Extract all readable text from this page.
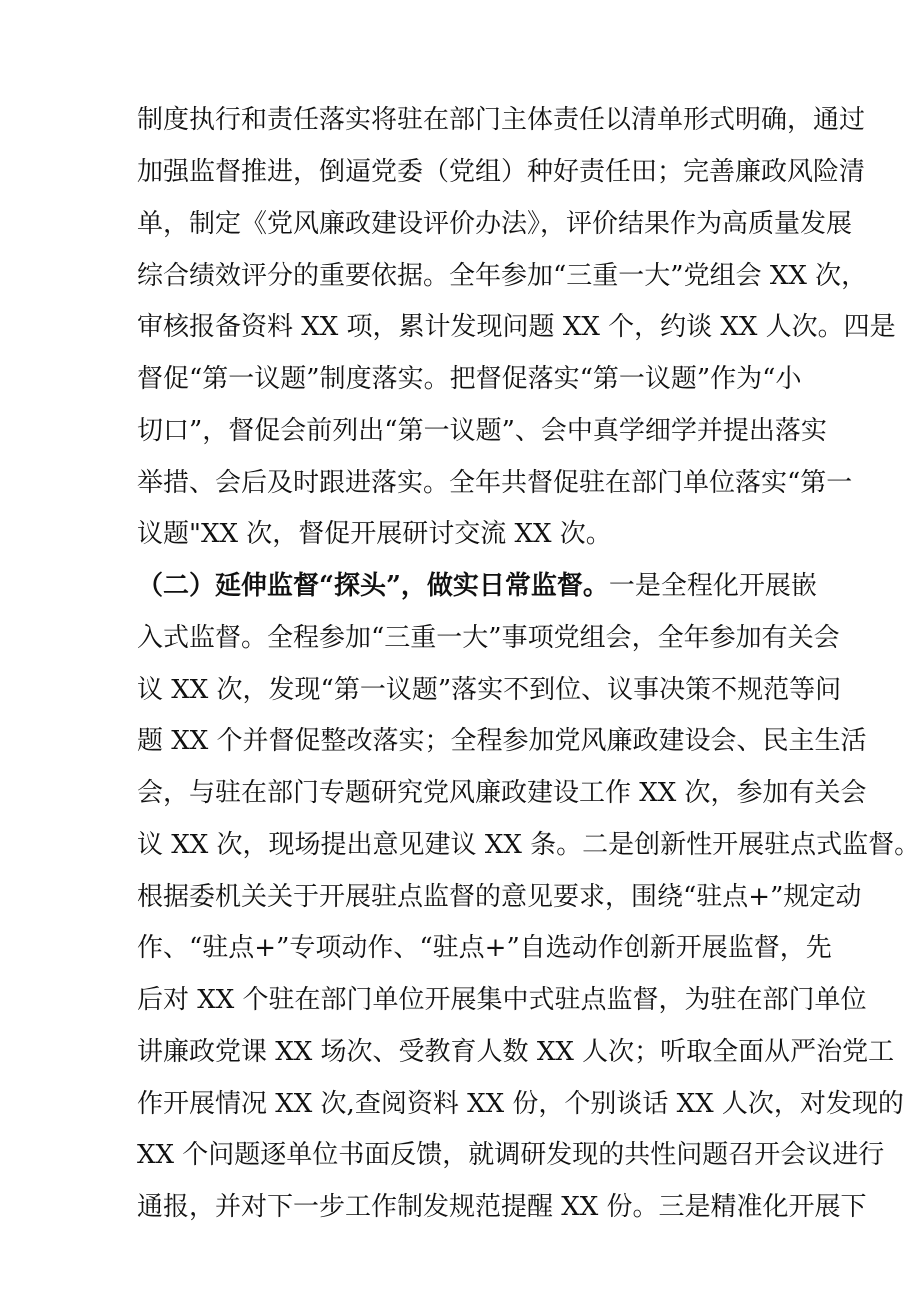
制度执行和责任落实将驻在部门主体责任以清单形式明确，通过
加强监督推进，倒逼党委（党组）种好责任田；完善廉政风险清
单，制定《党风廉政建设评价办法》，评价结果作为高质量发展
综合绩效评分的重要依据。全年参加“三重一大”党组会 XX 次，
审核报备资料 XX 项，累计发现问题 XX 个，约谈 XX 人次。四是
督促“第一议题”制度落实。把督促落实“第一议题”作为“小
切口”，督促会前列出“第一议题”、会中真学细学并提出落实
举措、会后及时跟进落实。全年共督促驻在部门单位落实“第一
议题"XX 次，督促开展研讨交流 XX 次。
（二）延伸监督“探头”，做实日常监督。一是全程化开展嵌
入式监督。全程参加“三重一大”事项党组会，全年参加有关会
议 XX 次，发现“第一议题”落实不到位、议事决策不规范等问
题 XX 个并督促整改落实；全程参加党风廉政建设会、民主生活
会，与驻在部门专题研究党风廉政建设工作 XX 次，参加有关会
议 XX 次，现场提出意见建议 XX 条。二是创新性开展驻点式监督。
根据委机关关于开展驻点监督的意见要求，围绕“驻点+”规定动
作、“驻点+”专项动作、“驻点+”自选动作创新开展监督，先
后对 XX 个驻在部门单位开展集中式驻点监督，为驻在部门单位
讲廉政党课 XX 场次、受教育人数 XX 人次；听取全面从严治党工
作开展情况 XX 次,查阅资料 XX 份，个别谈话 XX 人次，对发现的
XX 个问题逐单位书面反馈，就调研发现的共性问题召开会议进行
通报，并对下一步工作制发规范提醒 XX 份。三是精准化开展下
